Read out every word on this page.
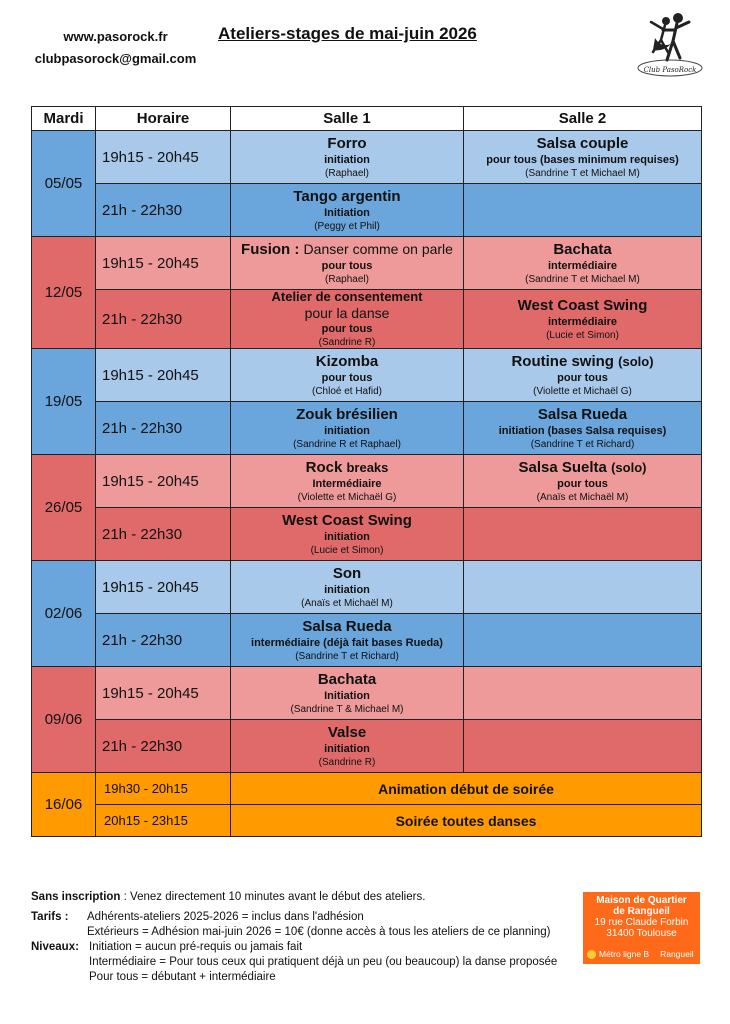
www.pasorock.fr
clubpasorock@gmail.com
Ateliers-stages de mai-juin 2026
Club PasoRock
Mardi	Horaire	Salle 1	Salle 2
05/05	19h15 - 20h45	Forro
initiation
(Raphael)	Salsa couple
pour tous (bases minimum requises)
(Sandrine T et Michael M)

	21h - 22h30	Tango argentin
Initiation
(Peggy et Phil)	

12/05	19h15 - 20h45	Fusion : Danser comme on parle
pour tous
(Raphael)	Bachata
intermédiaire
(Sandrine T et Michael M)

	21h - 22h30	Atelier de consentement
pour la danse
pour tous
(Sandrine R)	West Coast Swing
intermédiaire
(Lucie et Simon)

19/05	19h15 - 20h45	Kizomba
pour tous
(Chloé et Hafid)	Routine swing (solo)
pour tous
(Violette et Michaël G)

	21h - 22h30	Zouk brésilien
initiation
(Sandrine R et Raphael)	Salsa Rueda
initiation (bases Salsa requises)
(Sandrine T et Richard)

26/05	19h15 - 20h45	Rock breaks
Intermédiaire
(Violette et Michaël G)	Salsa Suelta (solo)
pour tous
(Anaïs et Michaël M)

	21h - 22h30	West Coast Swing
initiation
(Lucie et Simon)	

02/06	19h15 - 20h45	Son
initiation
(Anaïs et Michaël M)	

	21h - 22h30	Salsa Rueda
intermédiaire (déjà fait bases Rueda)
(Sandrine T et Richard)	

09/06	19h15 - 20h45	Bachata
Initiation
(Sandrine T & Michael M)	

	21h - 22h30	Valse
initiation
(Sandrine R)	

16/06	19h30 - 20h15	Animation début de soirée	
	20h15 - 23h15	Soirée toutes danses	
Sans inscription : Venez directement 10 minutes avant le début des ateliers.
Tarifs :	Adhérents-ateliers 2025-2026 = inclus dans l'adhésion
Extérieurs = Adhésion mai-juin 2026 = 10€ (donne accès à tous les ateliers de ce planning)
Niveaux: Initiation = aucun pré-requis ou jamais fait
Intermédiaire = Pour tous ceux qui pratiquent déjà un peu (ou beaucoup) la danse proposée
Pour tous = débutant + intermédiaire
Maison de Quartier
de Rangueil
19 rue Claude Forbin
31400 Toulouse
Métro ligne B Rangueil
